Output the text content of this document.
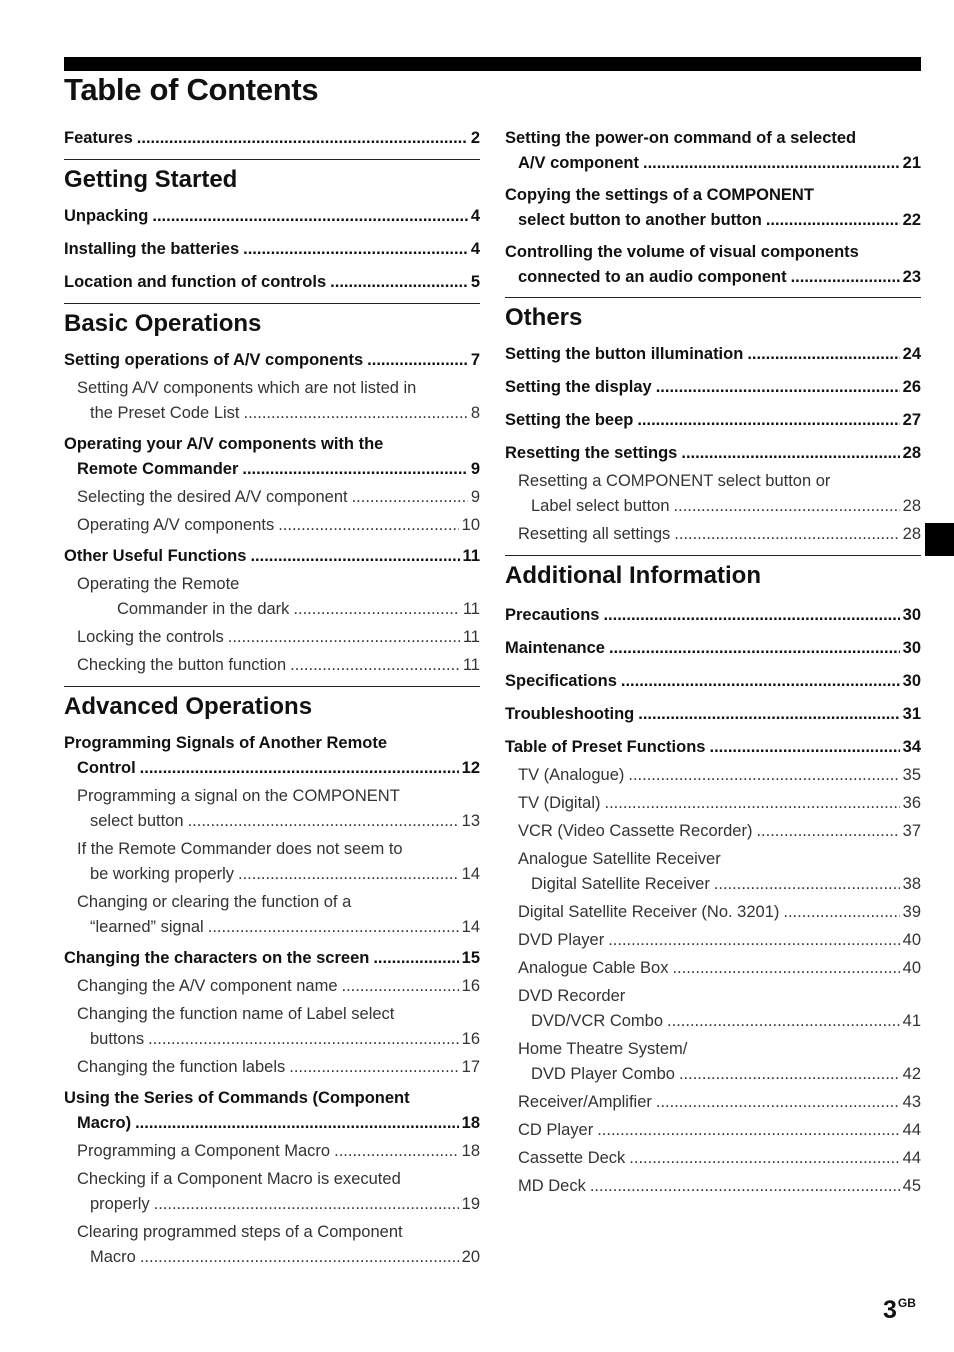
Table of Contents
Features .....	2
Getting Started
Unpacking .....	4
Installing the batteries .....	4
Location and function of controls .....	5
Basic Operations
Setting operations of A/V components .....	7
Setting A/V components which are not listed in
the Preset Code List .....	8
Operating your A/V components with the
Remote Commander .....	9
Selecting the desired A/V component .....	9
Operating A/V components .....	10
Other Useful Functions .....	11
Operating the Remote
Commander in the dark .....	11
Locking the controls .....	11
Checking the button function .....	11
Advanced Operations
Programming Signals of Another Remote
Control .....	12
Programming a signal on the COMPONENT
select button .....	13
If the Remote Commander does not seem to
be working properly .....	14
Changing or clearing the function of a
“learned” signal .....	14
Changing the characters on the screen .....	15
Changing the A/V component name .....	16
Changing the function name of Label select
buttons .....	16
Changing the function labels .....	17
Using the Series of Commands (Component
Macro) .....	18
Programming a Component Macro .....	18
Checking if a Component Macro is executed
properly .....	19
Clearing programmed steps of a Component
Macro .....	20
Setting the power-on command of a selected
A/V component .....	21
Copying the settings of a COMPONENT
select button to another button .....	22
Controlling the volume of visual components
connected to an audio component .....	23
Others
Setting the button illumination .....	24
Setting the display .....	26
Setting the beep .....	27
Resetting the settings .....	28
Resetting a COMPONENT select button or
Label select button .....	28
Resetting all settings .....	28
Additional Information
Precautions .....	30
Maintenance .....	30
Specifications .....	30
Troubleshooting .....	31
Table of Preset Functions .....	34
TV (Analogue) .....	35
TV (Digital) .....	36
VCR (Video Cassette Recorder) .....	37
Analogue Satellite Receiver
Digital Satellite Receiver .....	38
Digital Satellite Receiver (No. 3201) .....	39
DVD Player .....	40
Analogue Cable Box .....	40
DVD Recorder
DVD/VCR Combo .....	41
Home Theatre System/
DVD Player Combo .....	42
Receiver/Amplifier .....	43
CD Player .....	44
Cassette Deck .....	44
MD Deck .....	45
$3^{GB}$
